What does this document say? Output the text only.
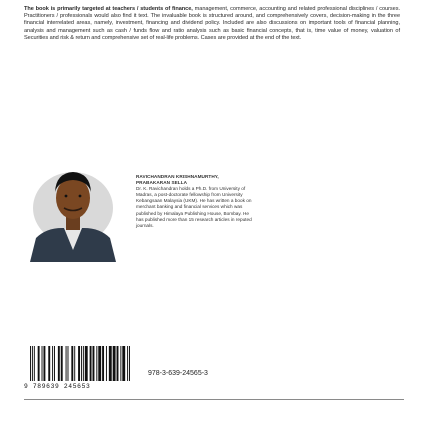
The book is primarily targeted at teachers / students of finance, management, commerce, accounting and related professional disciplines / courses. Practitioners / professionals would also find it text. The invaluable book is structured around, and comprehensively covers, decision-making in the three financial interrelated areas, namely, investment, financing and dividend policy. Included are also discussions on important tools of financial planning, analysis and management such as cash / funds flow and ratio analysis such as basic financial concepts, that is, time value of money, valuation of Securities and risk & return and comprehensive set of real-life problems. Cases are provided at the end of the text.
RAVICHANDRAN KRISHNAMURTHY, PRABAKARAN SELLA
Dr. K. Ravichandran holds a Ph.D. from University of Madras, a post-doctorate fellowship from University Kebangsaan Malaysia (UKM). He has written a book on merchant banking and financial services which was published by Himalaya Publishing House, Bombay. He has published more than 15 research articles in reputed journals.
9 789639 245653
978-3-639-24565-3
